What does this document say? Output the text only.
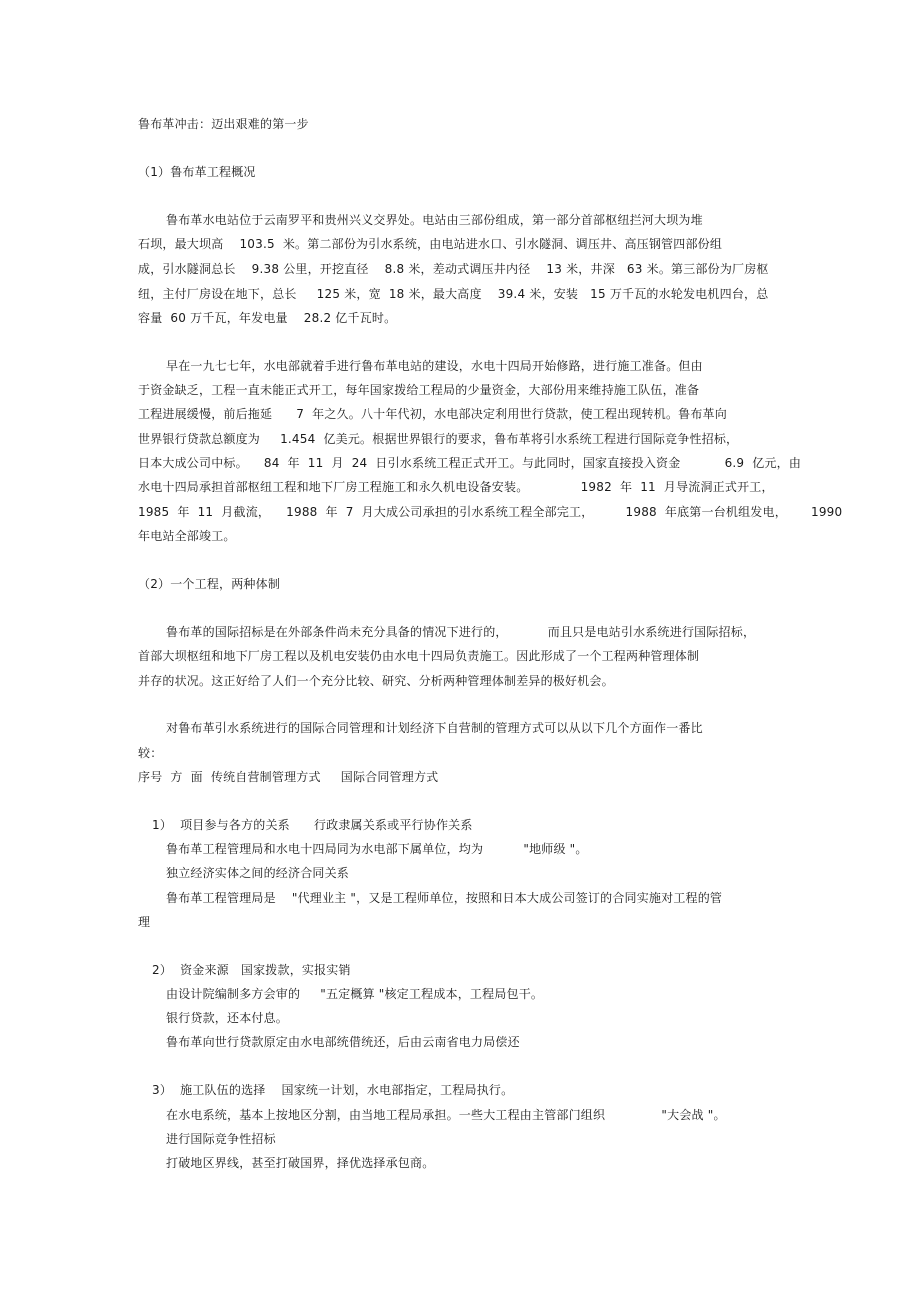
鲁布革冲击：迈出艰难的第一步
（1）鲁布革工程概况
鲁布革水电站位于云南罗平和贵州兴义交界处。电站由三部份组成，第一部分首部枢纽拦河大坝为堆
石坝，最大坝高    103.5  米。第二部份为引水系统，由电站进水口、引水隧洞、调压井、高压钢管四部份组
成，引水隧洞总长    9.38 公里，开挖直径    8.8 米，差动式调压井内径    13 米，井深   63 米。第三部份为厂房枢
纽，主付厂房设在地下，总长     125 米，宽  18 米，最大高度    39.4 米，安装   15 万千瓦的水轮发电机四台，总
容量  60 万千瓦，年发电量    28.2 亿千瓦时。
早在一九七七年，水电部就着手进行鲁布革电站的建设，水电十四局开始修路，进行施工准备。但由
于资金缺乏，工程一直未能正式开工，每年国家拨给工程局的少量资金，大部份用来维持施工队伍，准备
工程进展缓慢，前后拖延      7  年之久。八十年代初，水电部决定利用世行贷款，使工程出现转机。鲁布革向
世界银行贷款总额度为     1.454  亿美元。根据世界银行的要求，鲁布革将引水系统工程进行国际竞争性招标，
日本大成公司中标。    84  年  11  月  24  日引水系统工程正式开工。与此同时，国家直接投入资金           6.9  亿元，由
水电十四局承担首部枢纽工程和地下厂房工程施工和永久机电设备安装。             1982  年  11  月导流洞正式开工，
1985  年  11  月截流，    1988  年  7  月大成公司承担的引水系统工程全部完工，        1988  年底第一台机组发电，      1990
年电站全部竣工。
（2）一个工程，两种体制
鲁布革的国际招标是在外部条件尚未充分具备的情况下进行的，          而且只是电站引水系统进行国际招标，
首部大坝枢纽和地下厂房工程以及机电安装仍由水电十四局负责施工。因此形成了一个工程两种管理体制
并存的状况。这正好给了人们一个充分比较、研究、分析两种管理体制差异的极好机会。
对鲁布革引水系统进行的国际合同管理和计划经济下自营制的管理方式可以从以下几个方面作一番比
较：
序号  方  面  传统自营制管理方式     国际合同管理方式
1）  项目参与各方的关系      行政隶属关系或平行协作关系
鲁布革工程管理局和水电十四局同为水电部下属单位，均为          "地师级 "。
独立经济实体之间的经济合同关系
鲁布革工程管理局是    "代理业主 "，又是工程师单位，按照和日本大成公司签订的合同实施对工程的管
理
2）  资金来源   国家拨款，实报实销
由设计院编制多方会审的     "五定概算 "核定工程成本，工程局包干。
银行贷款，还本付息。
鲁布革向世行贷款原定由水电部统借统还，后由云南省电力局偿还
3）  施工队伍的选择    国家统一计划，水电部指定，工程局执行。
在水电系统，基本上按地区分割，由当地工程局承担。一些大工程由主管部门组织              "大会战 "。
进行国际竞争性招标
打破地区界线，甚至打破国界，择优选择承包商。
